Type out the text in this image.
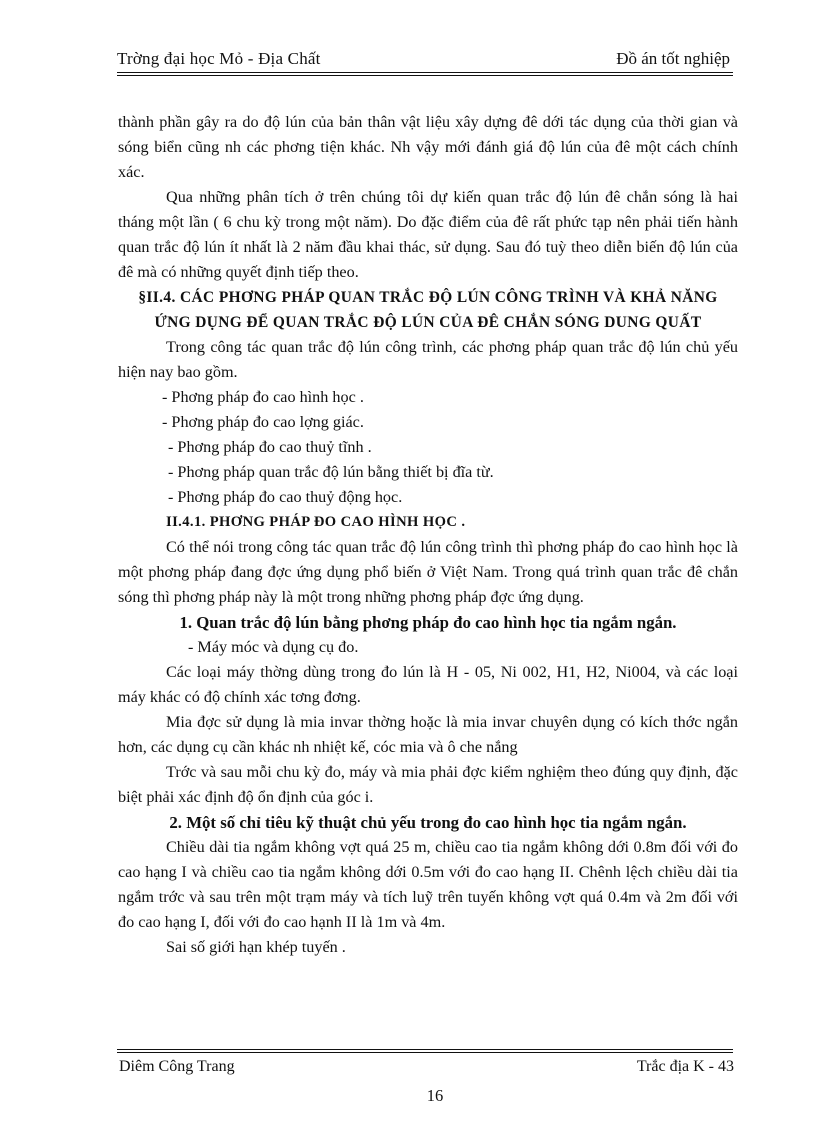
Trờng đại học Mỏ - Địa Chất	Đồ án tốt nghiệp

thành phần gây ra do độ lún của bản thân vật liệu xây dựng đê dới tác dụng của thời gian và sóng biển cũng nh các phơng tiện khác. Nh vậy mới đánh giá độ lún của đê một cách chính xác.

Qua những phân tích ở trên chúng tôi dự kiến quan trắc độ lún đê chắn sóng là hai tháng một lần ( 6 chu kỳ trong một năm). Do đặc điểm của đê rất phức tạp nên phải tiến hành quan trắc độ lún ít nhất là 2 năm đầu khai thác, sử dụng. Sau đó tuỳ theo diễn biến độ lún của đê mà có những quyết định tiếp theo.

§II.4. CÁC PHƠNG PHÁP QUAN TRẮC ĐỘ LÚN CÔNG TRÌNH VÀ KHẢ NĂNG ỨNG DỤNG ĐỂ QUAN TRẮC ĐỘ LÚN CỦA ĐÊ CHẮN SÓNG DUNG QUẤT

Trong công tác quan trắc độ lún công trình, các phơng pháp quan trắc độ lún chủ yếu hiện nay bao gồm.

- Phơng pháp đo cao hình học .

- Phơng pháp đo cao lợng giác.

- Phơng pháp đo cao thuỷ tĩnh .

- Phơng pháp quan trắc độ lún bằng thiết bị đĩa từ.

- Phơng pháp đo cao thuỷ động học.

II.4.1. PHƠNG PHÁP ĐO CAO HÌNH HỌC .

Có thể nói trong công tác quan trắc độ lún công trình thì phơng pháp đo cao hình học là một phơng pháp đang đợc ứng dụng phổ biến ở Việt Nam. Trong quá trình quan trắc đê chắn sóng thì phơng pháp này là một trong những phơng pháp đợc ứng dụng.

1. Quan trắc độ lún bằng phơng pháp đo cao hình học tia ngắm ngắn.

- Máy móc và dụng cụ đo.

Các loại máy thờng dùng trong đo lún là H - 05, Ni 002, H1, H2, Ni004, và các loại máy khác có độ chính xác tơng đơng.

Mia đợc sử dụng là mia invar thờng hoặc là mia invar chuyên dụng có kích thớc ngắn hơn, các dụng cụ cần khác nh nhiệt kế, cóc mia và ô che nắng

Trớc và sau mỗi chu kỳ đo, máy và mia phải đợc kiểm nghiệm theo đúng quy định, đặc biệt phải xác định độ ổn định của góc i.

2. Một số chỉ tiêu kỹ thuật chủ yếu trong đo cao hình học tia ngắm ngắn.

Chiều dài tia ngắm không vợt quá 25 m, chiều cao tia ngắm không dới 0.8m đối với đo cao hạng I và chiều cao tia ngắm không dới 0.5m với đo cao hạng II. Chênh lệch chiều dài tia ngắm trớc và sau trên một trạm máy và tích luỹ trên tuyến không vợt quá 0.4m và 2m đối với đo cao hạng I, đối với đo cao hạnh II là 1m và 4m.

Sai số giới hạn khép tuyến .

Diêm Công Trang	Trắc địa K - 43
16
